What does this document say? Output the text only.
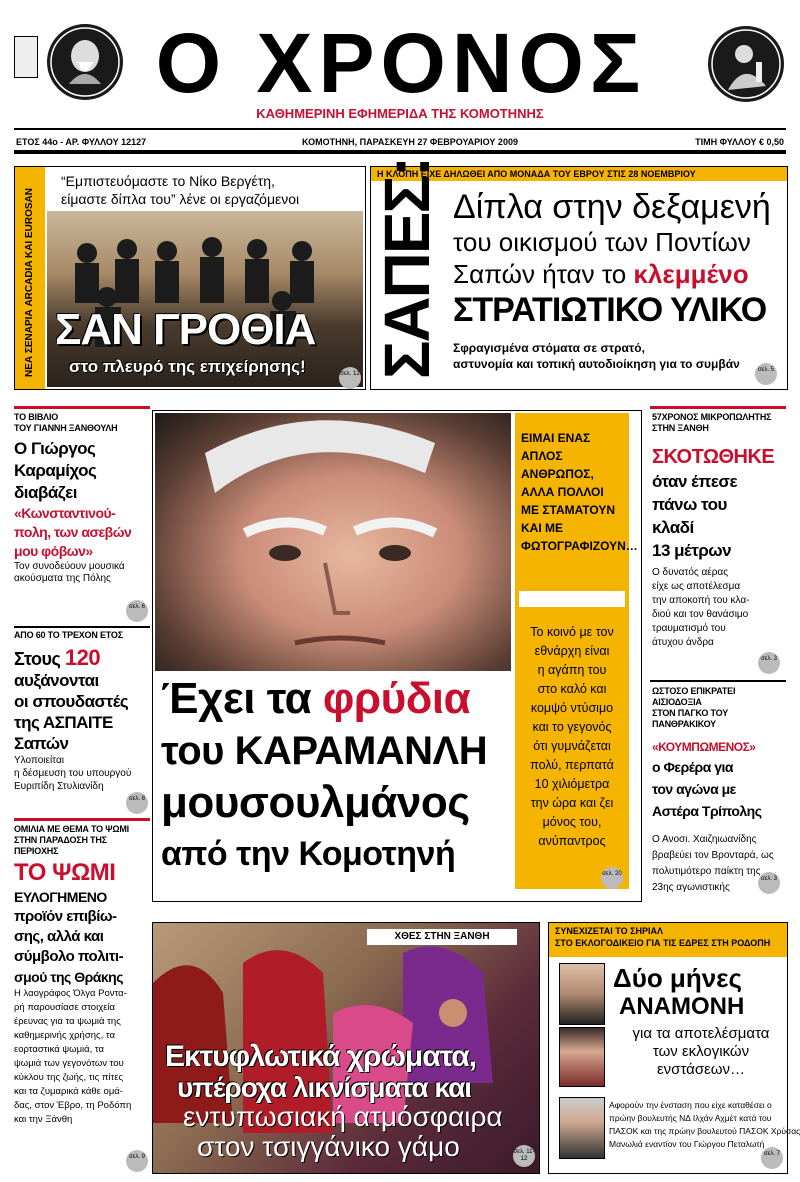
Ο ΧΡΟΝΟΣ
ΚΑΘΗΜΕΡΙΝΗ ΕΦΗΜΕΡΙΔΑ ΤΗΣ ΚΟΜΟΤΗΝΗΣ
ΕΤΟΣ 44ο - ΑΡ. ΦΥΛΛΟΥ 12127	ΚΟΜΟΤΗΝΗ, ΠΑΡΑΣΚΕΥΗ 27 ΦΕΒΡΟΥΑΡΙΟΥ 2009	ΤΙΜΗ ΦΥΛΛΟΥ € 0,50
ΝΕΑ ΣΕΝΑΡΙΑ ARCADIA ΚΑΙ EUROSAN
“Εμπιστευόμαστε το Νίκο Βεργέτη,
είμαστε δίπλα του” λένε οι εργαζόμενοι
ΣΑΝ ΓΡΟΘΙΑ
στο πλευρό της επιχείρησης!	σελ. 12
Η ΚΛΟΠΗ ΕΙΧΕ ΔΗΛΩΘΕΙ ΑΠΟ ΜΟΝΑΔΑ ΤΟΥ ΕΒΡΟΥ ΣΤΙΣ 28 ΝΟΕΜΒΡΙΟΥ
ΣΑΠΕΣ: Δίπλα στην δεξαμενή
του οικισμού των Ποντίων
Σαπών ήταν το κλεμμένο
ΣΤΡΑΤΙΩΤΙΚΟ ΥΛΙΚΟ
Σφραγισμένα στόματα σε στρατό,
αστυνομία και τοπική αυτοδιοίκηση για το συμβάν	σελ. 5
ΤΟ ΒΙΒΛΙΟ
ΤΟΥ ΓΙΑΝΝΗ ΞΑΝΘΟΥΛΗ
Ο Γιώργος
Καραμίχος
διαβάζει
«Κωνσταντινού-
πολη, των ασεβών
μου φόβων»
Τον συνοδεύουν μουσικά
ακούσματα της Πόλης
σελ. 6
ΑΠΟ 60 ΤΟ ΤΡΕΧΟΝ ΕΤΟΣ
Στους 120
αυξάνονται
οι σπουδαστές
της ΑΣΠΑΙΤΕ
Σαπών
Υλοποιείται
η δέσμευση του υπουργού
Ευριπίδη Στυλιανίδη
σελ. 8
ΟΜΙΛΙΑ ΜΕ ΘΕΜΑ ΤΟ ΨΩΜΙ
ΣΤΗΝ ΠΑΡΑΔΟΣΗ ΤΗΣ ΠΕΡΙΟΧΗΣ
ΤΟ ΨΩΜΙ
ΕΥΛΟΓΗΜΕΝΟ
προϊόν επιβίω-
σης, αλλά και
σύμβολο πολιτι-
σμού της Θράκης
Η λαογράφος Όλγα Ροντα-
ρή παρουσίασε στοιχεία
έρευνας για τα ψωμιά της
καθημερινής χρήσης, τα
εορταστικά ψωμιά, τα
ψωμιά των γεγονότων του
κύκλου της ζωής, τις πίτες
και τα ζυμαρικά κάθε ομά-
δας, στον Έβρο, τη Ροδόπη
και την Ξάνθη
σελ. 9
Έχει τα φρύδια
του ΚΑΡΑΜΑΝΛΗ
μουσουλμάνος
από την Κομοτηνή
ΕΙΜΑΙ ΕΝΑΣ
ΑΠΛΟΣ ΑΝΘΡΩΠΟΣ,
ΑΛΛΑ ΠΟΛΛΟΙ
ΜΕ ΣΤΑΜΑΤΟΥΝ
ΚΑΙ ΜΕ
ΦΩΤΟΓΡΑΦΙΖΟΥΝ…
Το κοινό με τον
εθνάρχη είναι
η αγάπη του
στο καλό και
κομψό ντύσιμο
και το γεγονός
ότι γυμνάζεται
πολύ, περπατά
10 χιλιόμετρα
την ώρα και ζει
μόνος του,
ανύπαντρος
σελ. 20
57ΧΡΟΝΟΣ ΜΙΚΡΟΠΩΛΗΤΗΣ
ΣΤΗΝ ΞΑΝΘΗ
ΣΚΟΤΩΘΗΚΕ
όταν έπεσε
πάνω του
κλαδί
13 μέτρων
Ο δυνατός αέρας
είχε ως αποτέλεσμα
την αποκοπή του κλα-
διού και τον θανάσιμο
τραυματισμό του
άτυχου άνδρα
σελ. 3
ΩΣΤΟΣΟ ΕΠΙΚΡΑΤΕΙ ΑΙΣΙΟΔΟΞΙΑ
ΣΤΟΝ ΠΑΓΚΟ ΤΟΥ ΠΑΝΘΡΑΚΙΚΟΥ
«ΚΟΥΜΠΩΜΕΝΟΣ»
ο Φερέρα για
τον αγώνα με
Αστέρα Τρίπολης
Ο Ανοσι. Χαιζηιωανίδης
βραβεύει τον Βρονταρά, ως
πολυτιμότερο παίκτη της
23ης αγωνιστικής
σελ. 3
ΧΘΕΣ ΣΤΗΝ ΞΑΝΘΗ
Εκτυφλωτικά χρώματα,
υπέροχα λικνίσματα και
εντυπωσιακή ατμόσφαιρα
στον τσιγγάνικο γάμο	σελ. 11-12
ΣΥΝΕΧΙΖΕΤΑΙ ΤΟ ΣΗΡΙΑΛ
ΣΤΟ ΕΚΛΟΓΟΔΙΚΕΙΟ ΓΙΑ ΤΙΣ ΕΔΡΕΣ ΣΤΗ ΡΟΔΟΠΗ
Δύο μήνες
ΑΝΑΜΟΝΗ
για τα αποτελέσματα
των εκλογικών
ενστάσεων…
Αφορούν την ένσταση που είχε καταθέσει ο
πρώην βουλευτής ΝΔ Ιλχάν Αχμέτ κατά του
ΠΑΣΟΚ και της πρώην βουλευτού ΠΑΣΟΚ Χρύσας
Μανωλιά εναντίον του Γιώργου Πεταλωτή
σελ. 7
